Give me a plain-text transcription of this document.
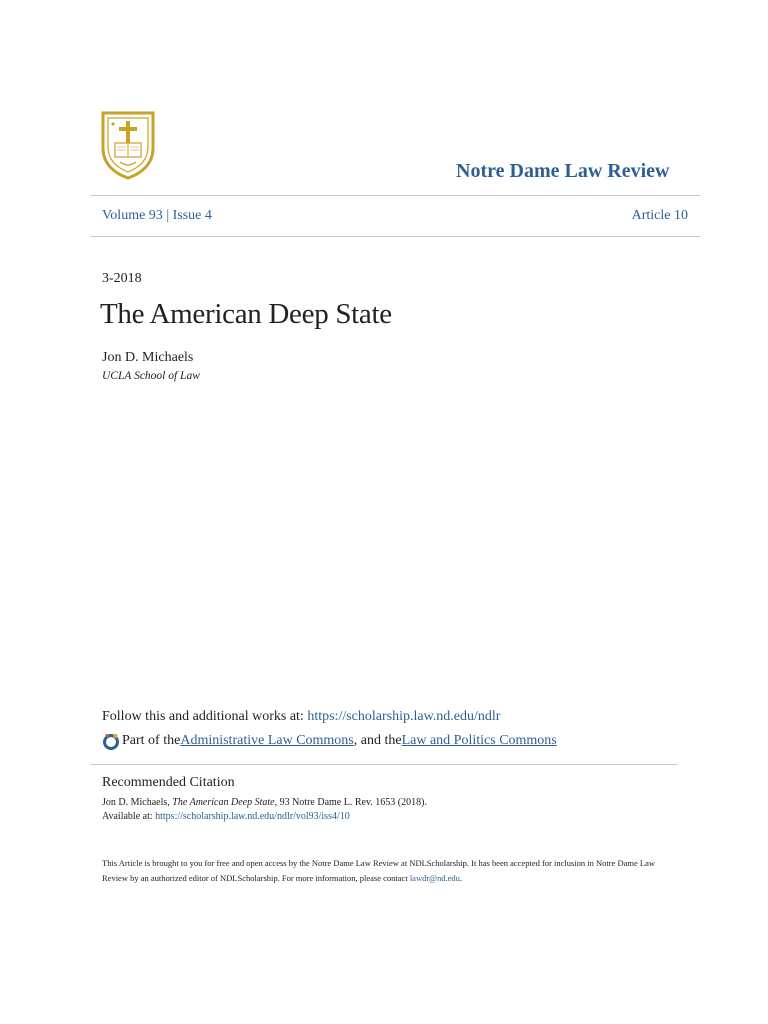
Notre Dame Law Review
Volume 93 | Issue 4	Article 10
3-2018
The American Deep State
Jon D. Michaels
UCLA School of Law
Follow this and additional works at: https://scholarship.law.nd.edu/ndlr
Part of the Administrative Law Commons , and the Law and Politics Commons
Recommended Citation
Jon D. Michaels, The American Deep State, 93 Notre Dame L. Rev. 1653 (2018).
Available at: https://scholarship.law.nd.edu/ndlr/vol93/iss4/10
This Article is brought to you for free and open access by the Notre Dame Law Review at NDLScholarship. It has been accepted for inclusion in Notre Dame Law Review by an authorized editor of NDLScholarship. For more information, please contact lawdr@nd.edu.
